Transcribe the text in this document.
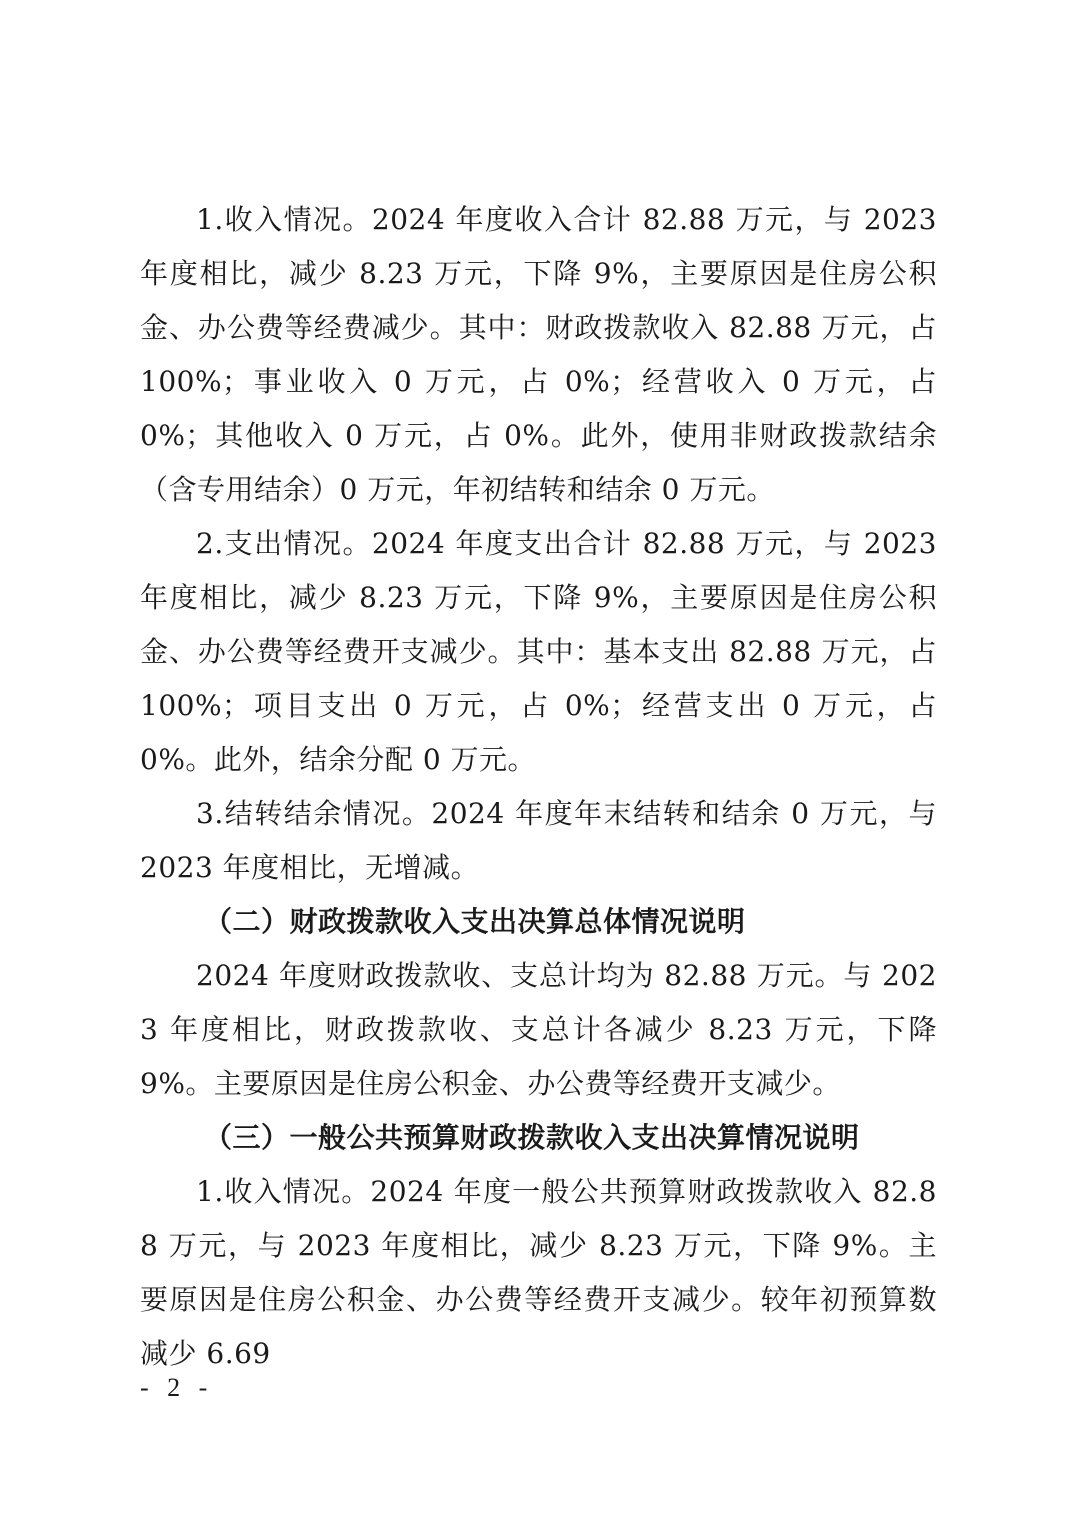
1.收入情况。2024 年度收入合计 82.88 万元，与 2023 年度相比，减少 8.23 万元，下降 9%，主要原因是住房公积金、办公费等经费减少。其中：财政拨款收入 82.88 万元，占 100%；事业收入 0 万元，占 0%；经营收入 0 万元，占 0%；其他收入 0 万元，占 0%。此外，使用非财政拨款结余（含专用结余）0 万元，年初结转和结余 0 万元。

2.支出情况。2024 年度支出合计 82.88 万元，与 2023 年度相比，减少 8.23 万元，下降 9%，主要原因是住房公积金、办公费等经费开支减少。其中：基本支出 82.88 万元，占 100%；项目支出 0 万元，占 0%；经营支出 0 万元，占 0%。此外，结余分配 0 万元。

3.结转结余情况。2024 年度年末结转和结余 0 万元，与 2023 年度相比，无增减。

（二）财政拨款收入支出决算总体情况说明

2024 年度财政拨款收、支总计均为 82.88 万元。与 2023 年度相比，财政拨款收、支总计各减少 8.23 万元，下降 9%。主要原因是住房公积金、办公费等经费开支减少。

（三）一般公共预算财政拨款收入支出决算情况说明

1.收入情况。2024 年度一般公共预算财政拨款收入 82.88 万元，与 2023 年度相比，减少 8.23 万元，下降 9%。主要原因是住房公积金、办公费等经费开支减少。较年初预算数减少 6.69

- 2 -
